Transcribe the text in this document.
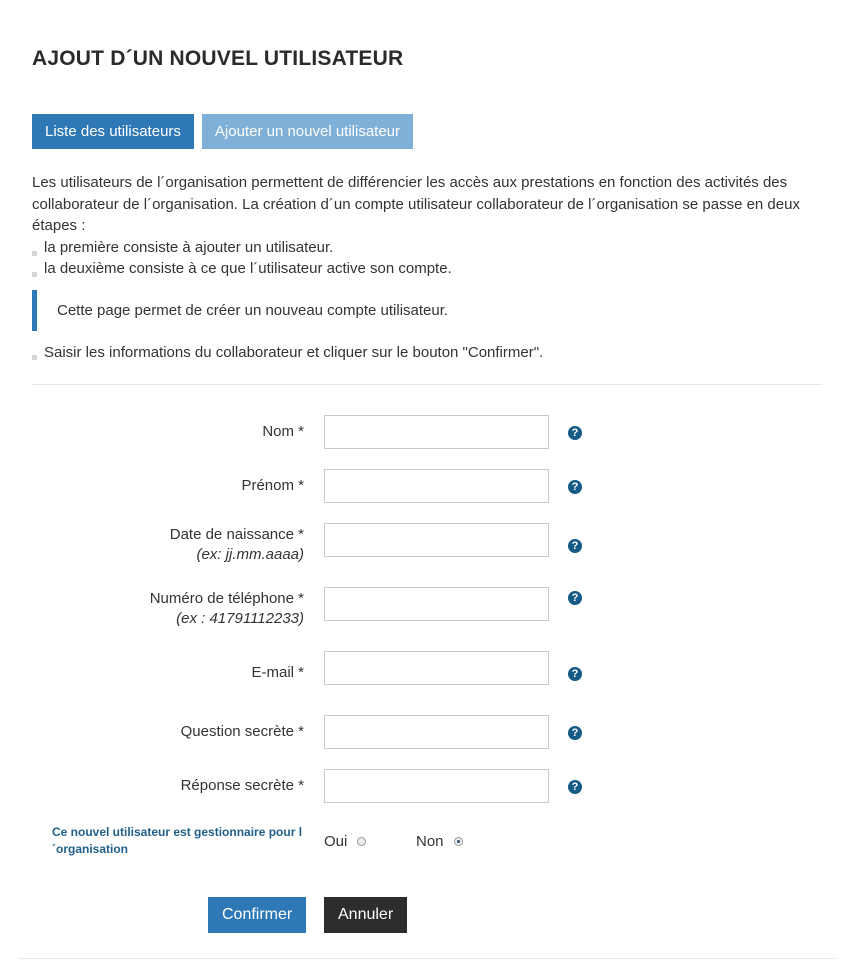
AJOUT D´UN NOUVEL UTILISATEUR
Liste des utilisateurs	Ajouter un nouvel utilisateur

Les utilisateurs de l´organisation permettent de différencier les accès aux prestations en fonction des activités des collaborateur de l´organisation. La création d´un compte utilisateur collaborateur de l´organisation se passe en deux étapes :

la première consiste à ajouter un utilisateur.
la deuxième consiste à ce que l´utilisateur active son compte.
Cette page permet de créer un nouveau compte utilisateur.
Saisir les informations du collaborateur et cliquer sur le bouton "Confirmer".
Nom *	?
Prénom *	?
Date de naissance *
(ex: jj.mm.aaaa)	?
Numéro de téléphone *
(ex : 41791112233)
?
E-mail *	?
Question secrète *	?
Réponse secrète *	?
Ce nouvel utilisateur est gestionnaire pour l´organisation	Oui	Non
Confirmer	Annuler
